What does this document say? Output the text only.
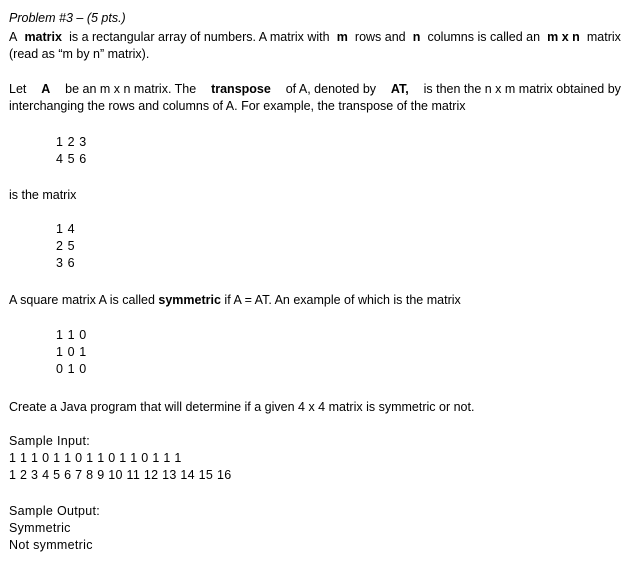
Problem #3 – (5 pts.)
A matrix is a rectangular array of numbers. A matrix with m rows and n columns is called an m x n matrix
(read as “m by n” matrix).
Let A be an m x n matrix. The transpose of A, denoted by AT, is then the n x m matrix obtained by
interchanging the rows and columns of A. For example, the transpose of the matrix
1 2 3
4 5 6
is the matrix
1 4
2 5
3 6
A square matrix A is called symmetric if A = AT. An example of which is the matrix
1 1 0
1 0 1
0 1 0
Create a Java program that will determine if a given 4 x 4 matrix is symmetric or not.
Sample Input:
1 1 1 0 1 1 0 1 1 0 1 1 0 1 1 1
1 2 3 4 5 6 7 8 9 10 11 12 13 14 15 16
Sample Output:
Symmetric
Not symmetric
